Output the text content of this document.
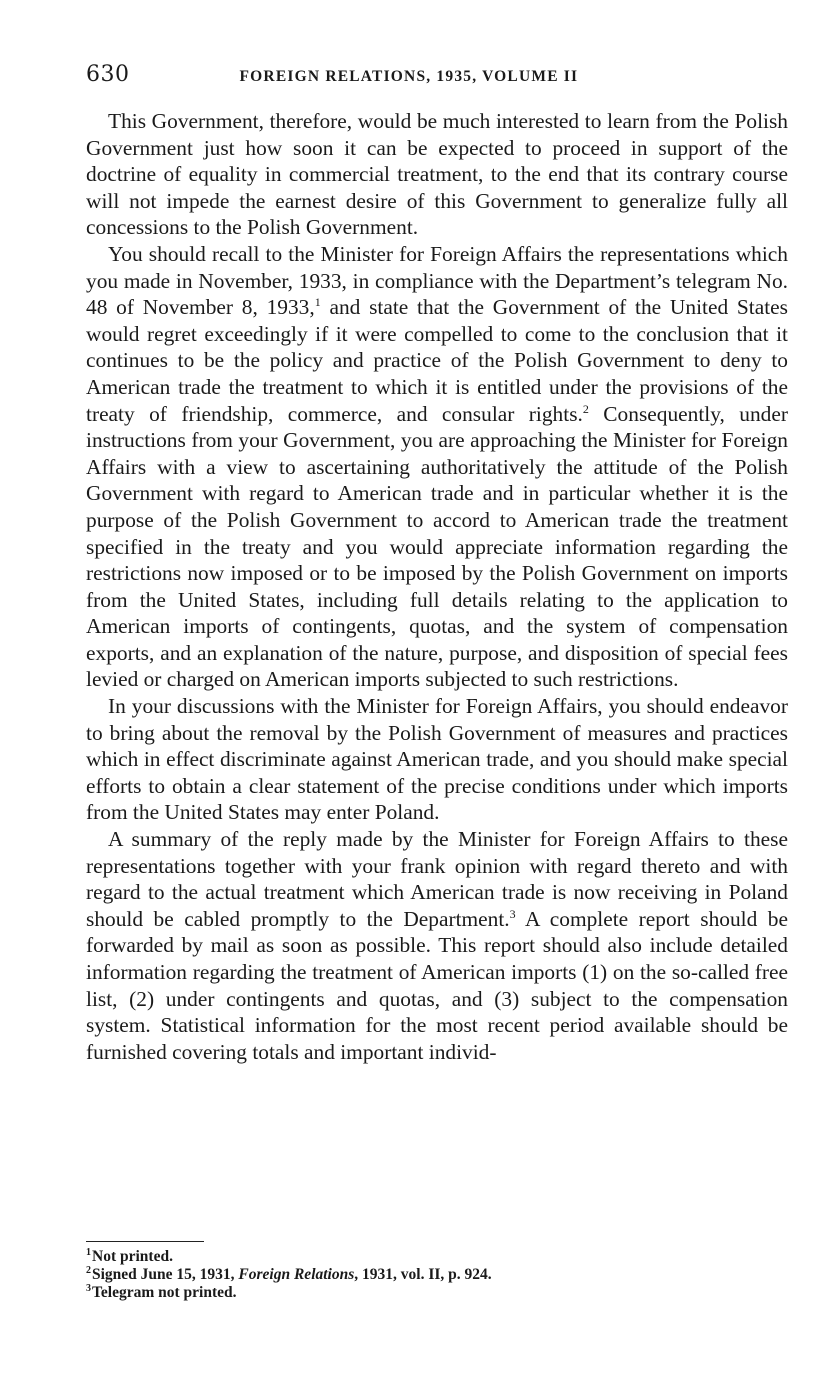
630	FOREIGN RELATIONS, 1935, VOLUME II

This Government, therefore, would be much interested to learn from the Polish Government just how soon it can be expected to proceed in support of the doctrine of equality in commercial treatment, to the end that its contrary course will not impede the earnest desire of this Government to generalize fully all concessions to the Polish Government.

You should recall to the Minister for Foreign Affairs the representations which you made in November, 1933, in compliance with the Department’s telegram No. 48 of November 8, 1933,$^1$ and state that the Government of the United States would regret exceedingly if it were compelled to come to the conclusion that it continues to be the policy and practice of the Polish Government to deny to American trade the treatment to which it is entitled under the provisions of the treaty of friendship, commerce, and consular rights.$^2$ Consequently, under instructions from your Government, you are approaching the Minister for Foreign Affairs with a view to ascertaining authoritatively the attitude of the Polish Government with regard to American trade and in particular whether it is the purpose of the Polish Government to accord to American trade the treatment specified in the treaty and you would appreciate information regarding the restrictions now imposed or to be imposed by the Polish Government on imports from the United States, including full details relating to the application to American imports of contingents, quotas, and the system of compensation exports, and an explanation of the nature, purpose, and disposition of special fees levied or charged on American imports subjected to such restrictions.

In your discussions with the Minister for Foreign Affairs, you should endeavor to bring about the removal by the Polish Government of measures and practices which in effect discriminate against American trade, and you should make special efforts to obtain a clear statement of the precise conditions under which imports from the United States may enter Poland.

A summary of the reply made by the Minister for Foreign Affairs to these representations together with your frank opinion with regard thereto and with regard to the actual treatment which American trade is now receiving in Poland should be cabled promptly to the Department.$^3$ A complete report should be forwarded by mail as soon as possible. This report should also include detailed information regarding the treatment of American imports (1) on the so-called free list, (2) under contingents and quotas, and (3) subject to the compensation system. Statistical information for the most recent period available should be furnished covering totals and important individ-

$^1$Not printed.
$^2$Signed June 15, 1931, Foreign Relations, 1931, vol. II, p. 924.
$^3$Telegram not printed.
